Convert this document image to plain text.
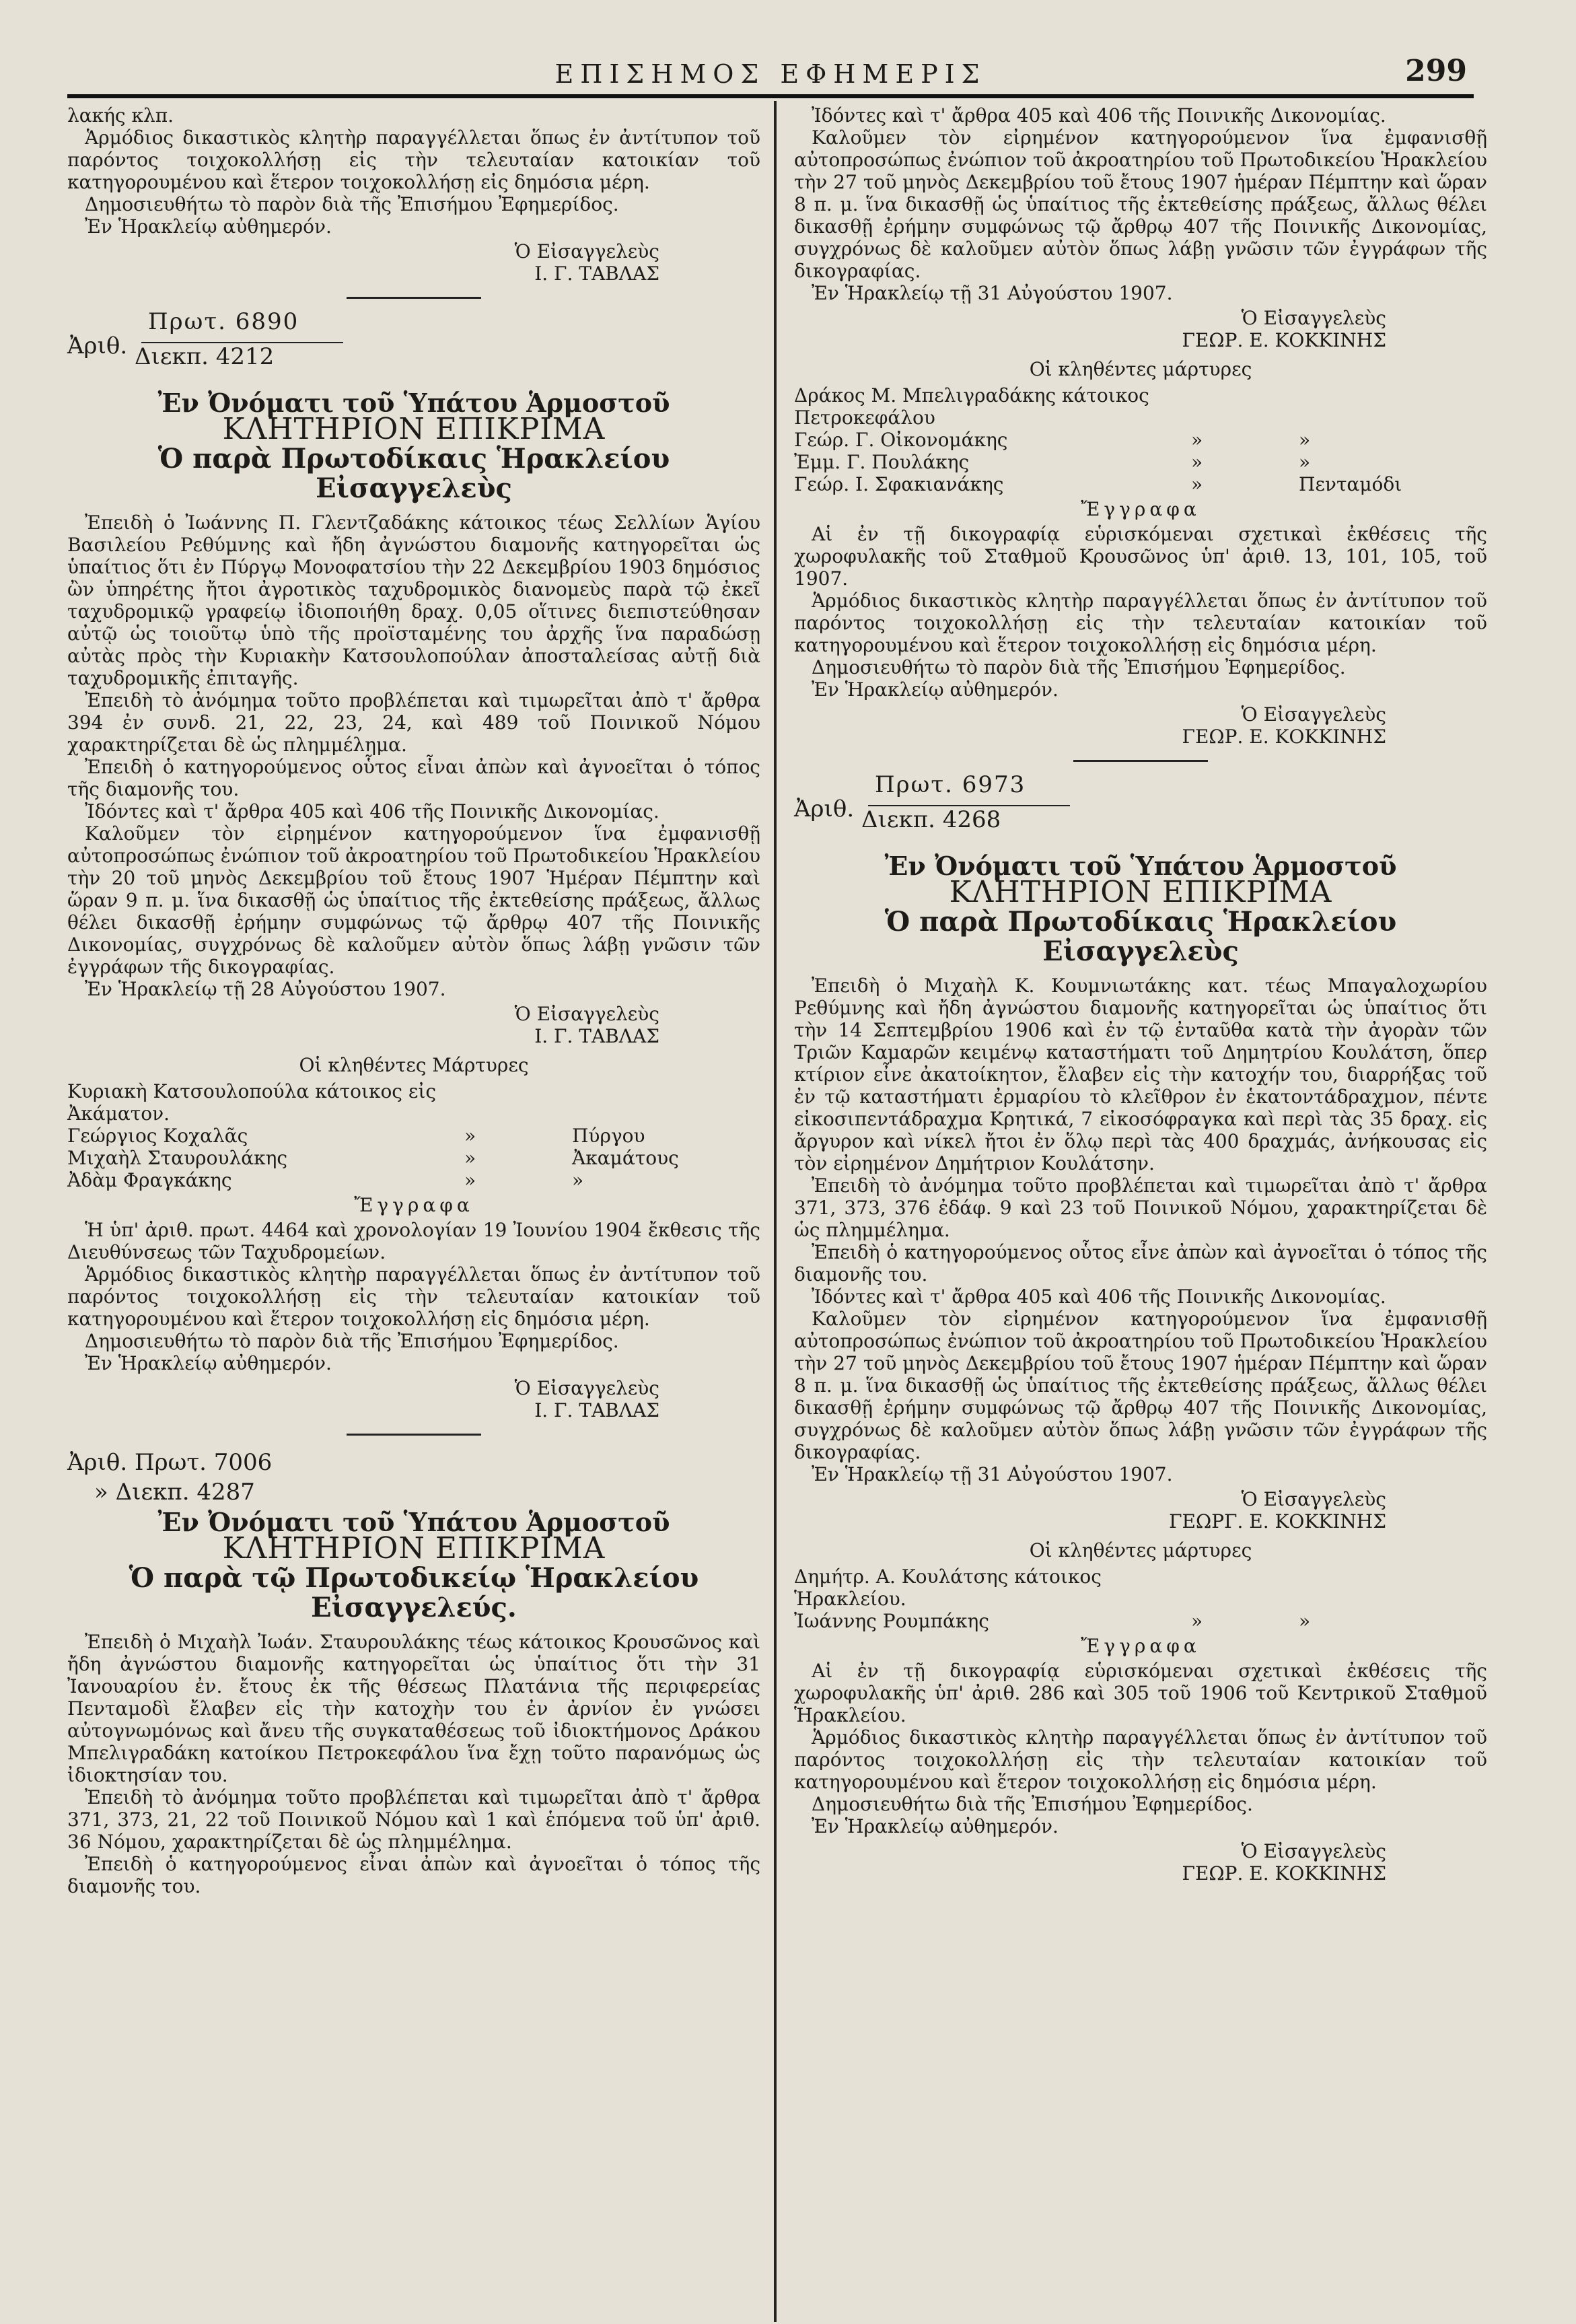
ΕΠΙΣΗΜΟΣ ΕΦΗΜΕΡΙΣ	299

λακής κλπ.

Ἁρμόδιος δικαστικὸς κλητὴρ παραγγέλλεται ὅπως ἐν ἀντίτυπον τοῦ παρόντος τοιχοκολλήσῃ εἰς τὴν τελευταίαν κατοικίαν τοῦ κατηγορουμένου καὶ ἕτερον τοιχοκολλήσῃ εἰς δημόσια μέρη.

Δημοσιευθήτω τὸ παρὸν διὰ τῆς Ἐπισήμου Ἐφημερίδος.

Ἐν Ἡρακλείῳ αὐθημερόν.

Ὁ Εἰσαγγελεὺς

Ι. Γ. ΤΑΒΛΑΣ

Ἀριθ.
Πρωτ. 6890
Διεκπ. 4212
Ἐν Ὀνόματι τοῦ Ὑπάτου Ἁρμοστοῦ
ΚΛΗΤΗΡΙΟΝ ΕΠΙΚΡΙΜΑ
Ὁ παρὰ Πρωτοδίκαις Ἡρακλείου Εἰσαγγελεὺς

Ἐπειδὴ ὁ Ἰωάννης Π. Γλεντζαδάκης κάτοικος τέως Σελλίων Ἁγίου Βασιλείου Ρεθύμνης καὶ ἤδη ἀγνώστου διαμονῆς κατηγορεῖται ὡς ὑπαίτιος ὅτι ἐν Πύργῳ Μονοφατσίου τὴν 22 Δεκεμβρίου 1903 δημόσιος ὢν ὑπηρέτης ἤτοι ἀγροτικὸς ταχυδρομικὸς διανομεὺς παρὰ τῷ ἐκεῖ ταχυδρομικῷ γραφείῳ ἰδιοποιήθη δραχ. 0,05 οἵτινες διεπιστεύθησαν αὐτῷ ὡς τοιοῦτῳ ὑπὸ τῆς προϊσταμένης του ἀρχῆς ἵνα παραδώσῃ αὐτὰς πρὸς τὴν Κυριακὴν Κατσουλοπούλαν ἀποσταλείσας αὐτῇ διὰ ταχυδρομικῆς ἐπιταγῆς.

Ἐπειδὴ τὸ ἀνόμημα τοῦτο προβλέπεται καὶ τιμωρεῖται ἀπὸ τ' ἄρθρα 394 ἐν συνδ. 21, 22, 23, 24, καὶ 489 τοῦ Ποινικοῦ Νόμου χαρακτηρίζεται δὲ ὡς πλημμέλημα.

Ἐπειδὴ ὁ κατηγορούμενος οὗτος εἶναι ἀπὼν καὶ ἀγνοεῖται ὁ τόπος τῆς διαμονῆς του.

Ἰδόντες καὶ τ' ἄρθρα 405 καὶ 406 τῆς Ποινικῆς Δικονομίας.

Καλοῦμεν τὸν εἰρημένον κατηγορούμενον ἵνα ἐμφανισθῇ αὐτοπροσώπως ἐνώπιον τοῦ ἀκροατηρίου τοῦ Πρωτοδικείου Ἡρακλείου τὴν 20 τοῦ μηνὸς Δεκεμβρίου τοῦ ἔτους 1907 Ἡμέραν Πέμπτην καὶ ὥραν 9 π. μ. ἵνα δικασθῇ ὡς ὑπαίτιος τῆς ἐκτεθείσης πράξεως, ἄλλως θέλει δικασθῇ ἐρήμην συμφώνως τῷ ἄρθρῳ 407 τῆς Ποινικῆς Δικονομίας, συγχρόνως δὲ καλοῦμεν αὐτὸν ὅπως λάβῃ γνῶσιν τῶν ἐγγράφων τῆς δικογραφίας.

Ἐν Ἡρακλείῳ τῇ 28 Αὐγούστου 1907.

Ὁ Εἰσαγγελεὺς

Ι. Γ. ΤΑΒΛΑΣ

Οἱ κληθέντες Μάρτυρες
Κυριακὴ Κατσουλοπούλα κάτοικος εἰς Ἀκάματον.
Γεώργιος Κοχαλᾶς	»	Πύργου
Μιχαὴλ Σταυρουλάκης	»	Ἀκαμάτους
Ἀδὰμ Φραγκάκης	»	»
Ἔγγραφα

Ἡ ὑπ' ἀριθ. πρωτ. 4464 καὶ χρονολογίαν 19 Ἰουνίου 1904 ἔκθεσις τῆς Διευθύνσεως τῶν Ταχυδρομείων.

Ἁρμόδιος δικαστικὸς κλητὴρ παραγγέλλεται ὅπως ἐν ἀντίτυπον τοῦ παρόντος τοιχοκολλήσῃ εἰς τὴν τελευταίαν κατοικίαν τοῦ κατηγορουμένου καὶ ἕτερον τοιχοκολλήσῃ εἰς δημόσια μέρη.

Δημοσιευθήτω τὸ παρὸν διὰ τῆς Ἐπισήμου Ἐφημερίδος.

Ἐν Ἡρακλείῳ αὐθημερόν.

Ὁ Εἰσαγγελεὺς

Ι. Γ. ΤΑΒΛΑΣ

Ἀριθ. Πρωτ. 7006

» Διεκπ. 4287

Ἐν Ὀνόματι τοῦ Ὑπάτου Ἁρμοστοῦ
ΚΛΗΤΗΡΙΟΝ ΕΠΙΚΡΙΜΑ
Ὁ παρὰ τῷ Πρωτοδικείῳ Ἡρακλείου Εἰσαγγελεύς.

Ἐπειδὴ ὁ Μιχαὴλ Ἰωάν. Σταυρουλάκης τέως κάτοικος Κρουσῶνος καὶ ἤδη ἀγνώστου διαμονῆς κατηγορεῖται ὡς ὑπαίτιος ὅτι τὴν 31 Ἰανουαρίου ἐν. ἔτους ἐκ τῆς θέσεως Πλατάνια τῆς περιφερείας Πενταμοδὶ ἔλαβεν εἰς τὴν κατοχὴν του ἐν ἀρνίον ἐν γνώσει αὐτογνωμόνως καὶ ἄνευ τῆς συγκαταθέσεως τοῦ ἰδιοκτήμονος Δράκου Μπελιγραδάκη κατοίκου Πετροκεφάλου ἵνα ἔχῃ τοῦτο παρανόμως ὡς ἰδιοκτησίαν του.

Ἐπειδὴ τὸ ἀνόμημα τοῦτο προβλέπεται καὶ τιμωρεῖται ἀπὸ τ' ἄρθρα 371, 373, 21, 22 τοῦ Ποινικοῦ Νόμου καὶ 1 καὶ ἑπόμενα τοῦ ὑπ' ἀριθ. 36 Νόμου, χαρακτηρίζεται δὲ ὡς πλημμέλημα.

Ἐπειδὴ ὁ κατηγορούμενος εἶναι ἀπὼν καὶ ἀγνοεῖται ὁ τόπος τῆς διαμονῆς του.

Ἰδόντες καὶ τ' ἄρθρα 405 καὶ 406 τῆς Ποινικῆς Δικονομίας.

Καλοῦμεν τὸν εἰρημένον κατηγορούμενον ἵνα ἐμφανισθῇ αὐτοπροσώπως ἐνώπιον τοῦ ἀκροατηρίου τοῦ Πρωτοδικείου Ἡρακλείου τὴν 27 τοῦ μηνὸς Δεκεμβρίου τοῦ ἔτους 1907 ἡμέραν Πέμπτην καὶ ὥραν 8 π. μ. ἵνα δικασθῇ ὡς ὑπαίτιος τῆς ἐκτεθείσης πράξεως, ἄλλως θέλει δικασθῇ ἐρήμην συμφώνως τῷ ἄρθρῳ 407 τῆς Ποινικῆς Δικονομίας, συγχρόνως δὲ καλοῦμεν αὐτὸν ὅπως λάβῃ γνῶσιν τῶν ἐγγράφων τῆς δικογραφίας.

Ἐν Ἡρακλείῳ τῇ 31 Αὐγούστου 1907.

Ὁ Εἰσαγγελεὺς

ΓΕΩΡ. Ε. ΚΟΚΚΙΝΗΣ

Οἱ κληθέντες μάρτυρες
Δράκος Μ. Μπελιγραδάκης κάτοικος Πετροκεφάλου
Γεώρ. Γ. Οἰκονομάκης	»	»
Ἐμμ. Γ. Πουλάκης	»	»
Γεώρ. Ι. Σφακιανάκης	»	Πενταμόδι
Ἔγγραφα

Αἱ ἐν τῇ δικογραφίᾳ εὑρισκόμεναι σχετικαὶ ἐκθέσεις τῆς χωροφυλακῆς τοῦ Σταθμοῦ Κρουσῶνος ὑπ' ἀριθ. 13, 101, 105, τοῦ 1907.

Ἁρμόδιος δικαστικὸς κλητὴρ παραγγέλλεται ὅπως ἐν ἀντίτυπον τοῦ παρόντος τοιχοκολλήσῃ εἰς τὴν τελευταίαν κατοικίαν τοῦ κατηγορουμένου καὶ ἕτερον τοιχοκολλήσῃ εἰς δημόσια μέρη.

Δημοσιευθήτω τὸ παρὸν διὰ τῆς Ἐπισήμου Ἐφημερίδος.

Ἐν Ἡρακλείῳ αὐθημερόν.

Ὁ Εἰσαγγελεὺς

ΓΕΩΡ. Ε. ΚΟΚΚΙΝΗΣ

Ἀριθ.
Πρωτ. 6973
Διεκπ. 4268
Ἐν Ὀνόματι τοῦ Ὑπάτου Ἁρμοστοῦ
ΚΛΗΤΗΡΙΟΝ ΕΠΙΚΡΙΜΑ
Ὁ παρὰ Πρωτοδίκαις Ἡρακλείου Εἰσαγγελεὺς

Ἐπειδὴ ὁ Μιχαὴλ Κ. Κουμνιωτάκης κατ. τέως Μπαγαλοχωρίου Ρεθύμνης καὶ ἤδη ἀγνώστου διαμονῆς κατηγορεῖται ὡς ὑπαίτιος ὅτι τὴν 14 Σεπτεμβρίου 1906 καὶ ἐν τῷ ἐνταῦθα κατὰ τὴν ἀγορὰν τῶν Τριῶν Καμαρῶν κειμένῳ καταστήματι τοῦ Δημητρίου Κουλάτση, ὅπερ κτίριον εἶνε ἀκατοίκητον, ἔλαβεν εἰς τὴν κατοχήν του, διαρρήξας τοῦ ἐν τῷ καταστήματι ἐρμαρίου τὸ κλεῖθρον ἐν ἑκατοντάδραχμον, πέντε εἰκοσιπεντάδραχμα Κρητικά, 7 εἰκοσόφραγκα καὶ περὶ τὰς 35 δραχ. εἰς ἄργυρον καὶ νίκελ ἤτοι ἐν ὅλῳ περὶ τὰς 400 δραχμάς, ἀνήκουσας εἰς τὸν εἰρημένον Δημήτριον Κουλάτσην.

Ἐπειδὴ τὸ ἀνόμημα τοῦτο προβλέπεται καὶ τιμωρεῖται ἀπὸ τ' ἄρθρα 371, 373, 376 ἐδάφ. 9 καὶ 23 τοῦ Ποινικοῦ Νόμου, χαρακτηρίζεται δὲ ὡς πλημμέλημα.

Ἐπειδὴ ὁ κατηγορούμενος οὗτος εἶνε ἀπὼν καὶ ἀγνοεῖται ὁ τόπος τῆς διαμονῆς του.

Ἰδόντες καὶ τ' ἄρθρα 405 καὶ 406 τῆς Ποινικῆς Δικονομίας.

Καλοῦμεν τὸν εἰρημένον κατηγορούμενον ἵνα ἐμφανισθῇ αὐτοπροσώπως ἐνώπιον τοῦ ἀκροατηρίου τοῦ Πρωτοδικείου Ἡρακλείου τὴν 27 τοῦ μηνὸς Δεκεμβρίου τοῦ ἔτους 1907 ἡμέραν Πέμπτην καὶ ὥραν 8 π. μ. ἵνα δικασθῇ ὡς ὑπαίτιος τῆς ἐκτεθείσης πράξεως, ἄλλως θέλει δικασθῇ ἐρήμην συμφώνως τῷ ἄρθρῳ 407 τῆς Ποινικῆς Δικονομίας, συγχρόνως δὲ καλοῦμεν αὐτὸν ὅπως λάβῃ γνῶσιν τῶν ἐγγράφων τῆς δικογραφίας.

Ἐν Ἡρακλείῳ τῇ 31 Αὐγούστου 1907.

Ὁ Εἰσαγγελεὺς

ΓΕΩΡΓ. Ε. ΚΟΚΚΙΝΗΣ

Οἱ κληθέντες μάρτυρες
Δημήτρ. Α. Κουλάτσης κάτοικος Ἡρακλείου.
Ἰωάννης Ρουμπάκης	»	»
Ἔγγραφα

Αἱ ἐν τῇ δικογραφίᾳ εὑρισκόμεναι σχετικαὶ ἐκθέσεις τῆς χωροφυλακῆς ὑπ' ἀριθ. 286 καὶ 305 τοῦ 1906 τοῦ Κεντρικοῦ Σταθμοῦ Ἡρακλείου.

Ἁρμόδιος δικαστικὸς κλητὴρ παραγγέλλεται ὅπως ἐν ἀντίτυπον τοῦ παρόντος τοιχοκολλήσῃ εἰς τὴν τελευταίαν κατοικίαν τοῦ κατηγορουμένου καὶ ἕτερον τοιχοκολλήσῃ εἰς δημόσια μέρη.

Δημοσιευθήτω διὰ τῆς Ἐπισήμου Ἐφημερίδος.

Ἐν Ἡρακλείῳ αὐθημερόν.

Ὁ Εἰσαγγελεὺς

ΓΕΩΡ. Ε. ΚΟΚΚΙΝΗΣ
